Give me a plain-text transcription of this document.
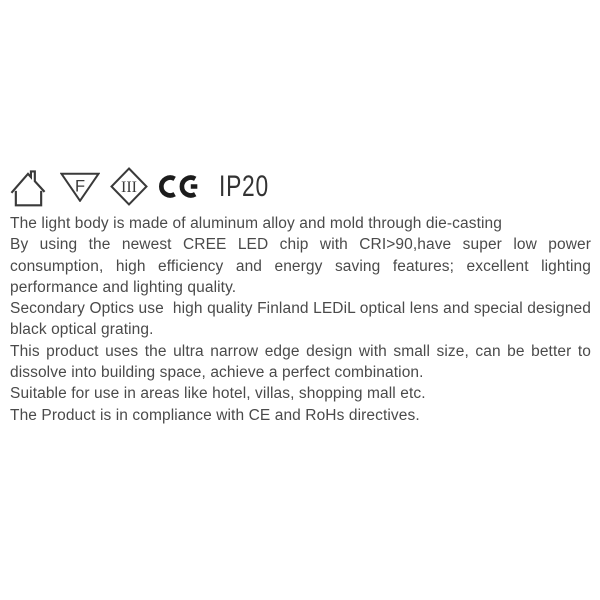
F III	IP20

The light body is made of aluminum alloy and mold through die-casting

By using the newest CREE LED chip with CRI>90,have super low power consumption, high efficiency and energy saving features; excellent lighting performance and lighting quality.

Secondary Optics use  high quality Finland LEDiL optical lens and special designed black optical grating.

This product uses the ultra narrow edge design with small size, can be better to dissolve into building space, achieve a perfect combination.

Suitable for use in areas like hotel, villas, shopping mall etc.

The Product is in compliance with CE and RoHs directives.
